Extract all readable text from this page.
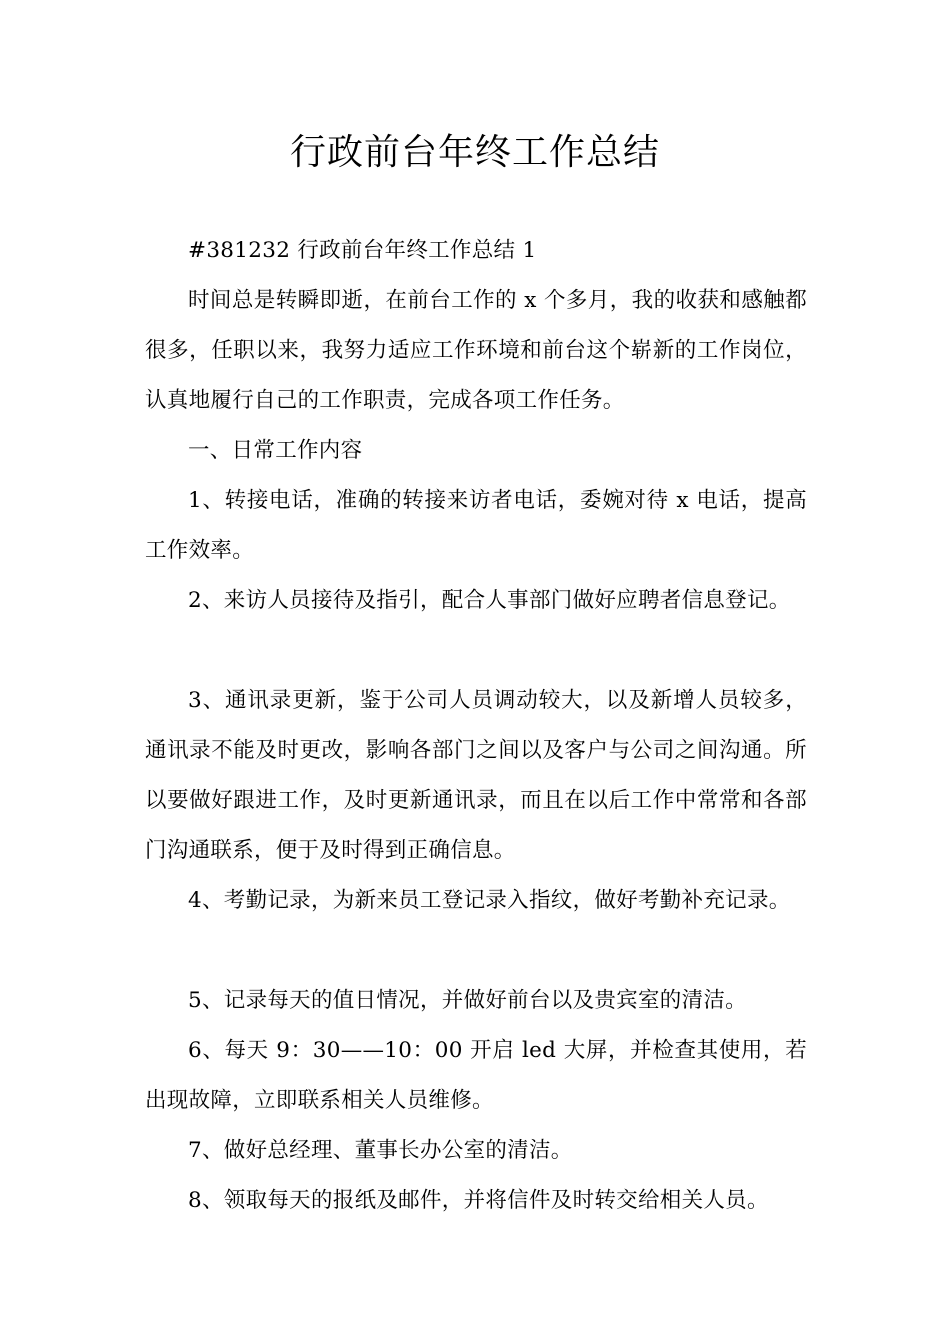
行政前台年终工作总结

#381232 行政前台年终工作总结 1

时间总是转瞬即逝，在前台工作的 x 个多月，我的收获和感触都很多，任职以来，我努力适应工作环境和前台这个崭新的工作岗位，认真地履行自己的工作职责，完成各项工作任务。

一、日常工作内容

1、转接电话，准确的转接来访者电话，委婉对待 x 电话，提高工作效率。

2、来访人员接待及指引，配合人事部门做好应聘者信息登记。

3、通讯录更新，鉴于公司人员调动较大，以及新增人员较多，通讯录不能及时更改，影响各部门之间以及客户与公司之间沟通。所以要做好跟进工作，及时更新通讯录，而且在以后工作中常常和各部门沟通联系，便于及时得到正确信息。

4、考勤记录，为新来员工登记录入指纹，做好考勤补充记录。

5、记录每天的值日情况，并做好前台以及贵宾室的清洁。

6、每天 9：30——10：00 开启 led 大屏，并检查其使用，若出现故障，立即联系相关人员维修。

7、做好总经理、董事长办公室的清洁。

8、领取每天的报纸及邮件，并将信件及时转交给相关人员。
